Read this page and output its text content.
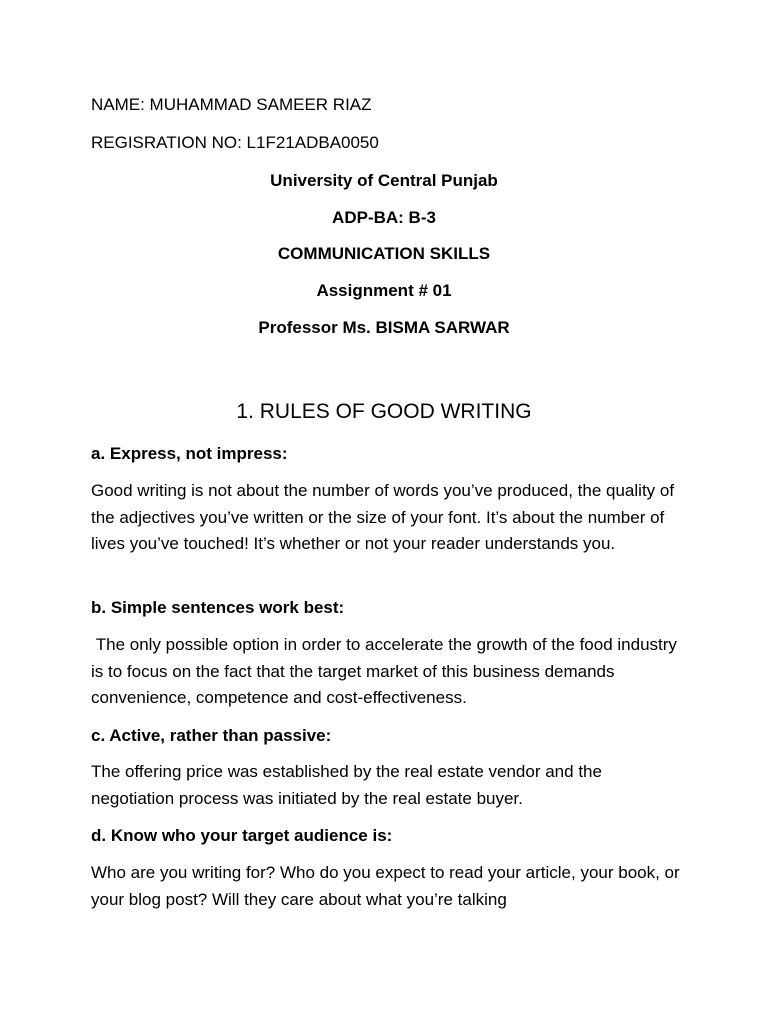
NAME: MUHAMMAD SAMEER RIAZ

REGISRATION NO: L1F21ADBA0050

University of Central Punjab

ADP-BA: B-3

COMMUNICATION SKILLS

Assignment # 01

Professor Ms. BISMA SARWAR

1. RULES OF GOOD WRITING

a. Express, not impress:

Good writing is not about the number of words you’ve produced, the quality of the adjectives you’ve written or the size of your font. It’s about the number of lives you’ve touched! It’s whether or not your reader understands you.

b. Simple sentences work best:

The only possible option in order to accelerate the growth of the food industry is to focus on the fact that the target market of this business demands convenience, competence and cost-effectiveness.

c. Active, rather than passive:

The offering price was established by the real estate vendor and the negotiation process was initiated by the real estate buyer.

d. Know who your target audience is:

Who are you writing for? Who do you expect to read your article, your book, or your blog post? Will they care about what you’re talking
